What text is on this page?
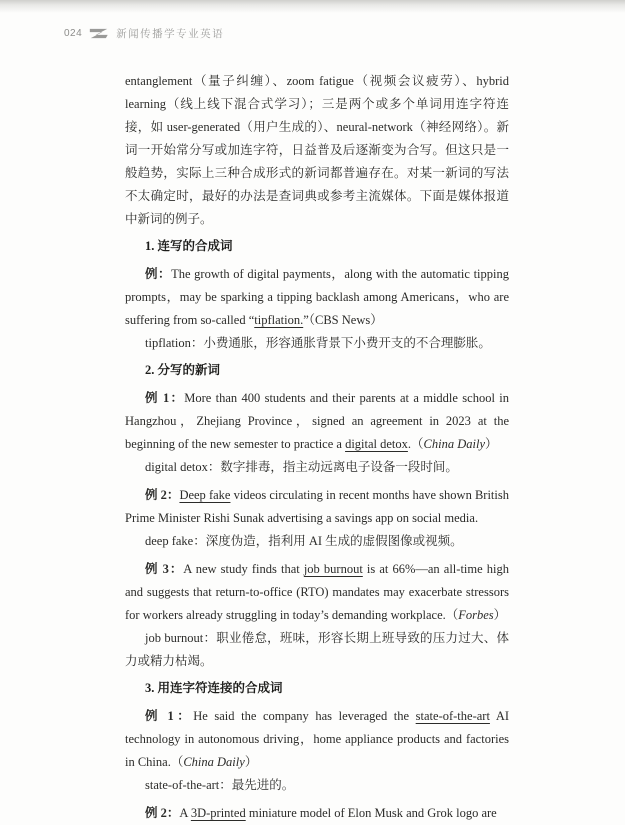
024	新闻传播学专业英语

entanglement（量子纠缠）、zoom fatigue（视频会议疲劳）、hybrid learning（线上线下混合式学习）；三是两个或多个单词用连字符连接，如 user-generated（用户生成的）、neural-network（神经网络）。新词一开始常分写或加连字符，日益普及后逐渐变为合写。但这只是一般趋势，实际上三种合成形式的新词都普遍存在。对某一新词的写法不太确定时，最好的办法是查词典或参考主流媒体。下面是媒体报道中新词的例子。

1. 连写的合成词

例：The growth of digital payments，along with the automatic tipping prompts，may be sparking a tipping backlash among Americans，who are suffering from so-called “tipflation.”（CBS News）

tipflation：小费通胀，形容通胀背景下小费开支的不合理膨胀。

2. 分写的新词

例 1：More than 400 students and their parents at a middle school in Hangzhou，Zhejiang Province，signed an agreement in 2023 at the beginning of the new semester to practice a digital detox.（China Daily）

digital detox：数字排毒，指主动远离电子设备一段时间。

例 2：Deep fake videos circulating in recent months have shown British Prime Minister Rishi Sunak advertising a savings app on social media.

deep fake：深度伪造，指利用 AI 生成的虚假图像或视频。

例 3：A new study finds that job burnout is at 66%—an all-time high and suggests that return-to-office (RTO) mandates may exacerbate stressors for workers already struggling in today’s demanding workplace.（Forbes）

job burnout：职业倦怠，班味，形容长期上班导致的压力过大、体力或精力枯竭。

3. 用连字符连接的合成词

例 1：He said the company has leveraged the state-of-the-art AI technology in autonomous driving，home appliance products and factories in China.（China Daily）

state-of-the-art：最先进的。

例 2：A 3D-printed miniature model of Elon Musk and Grok logo are
